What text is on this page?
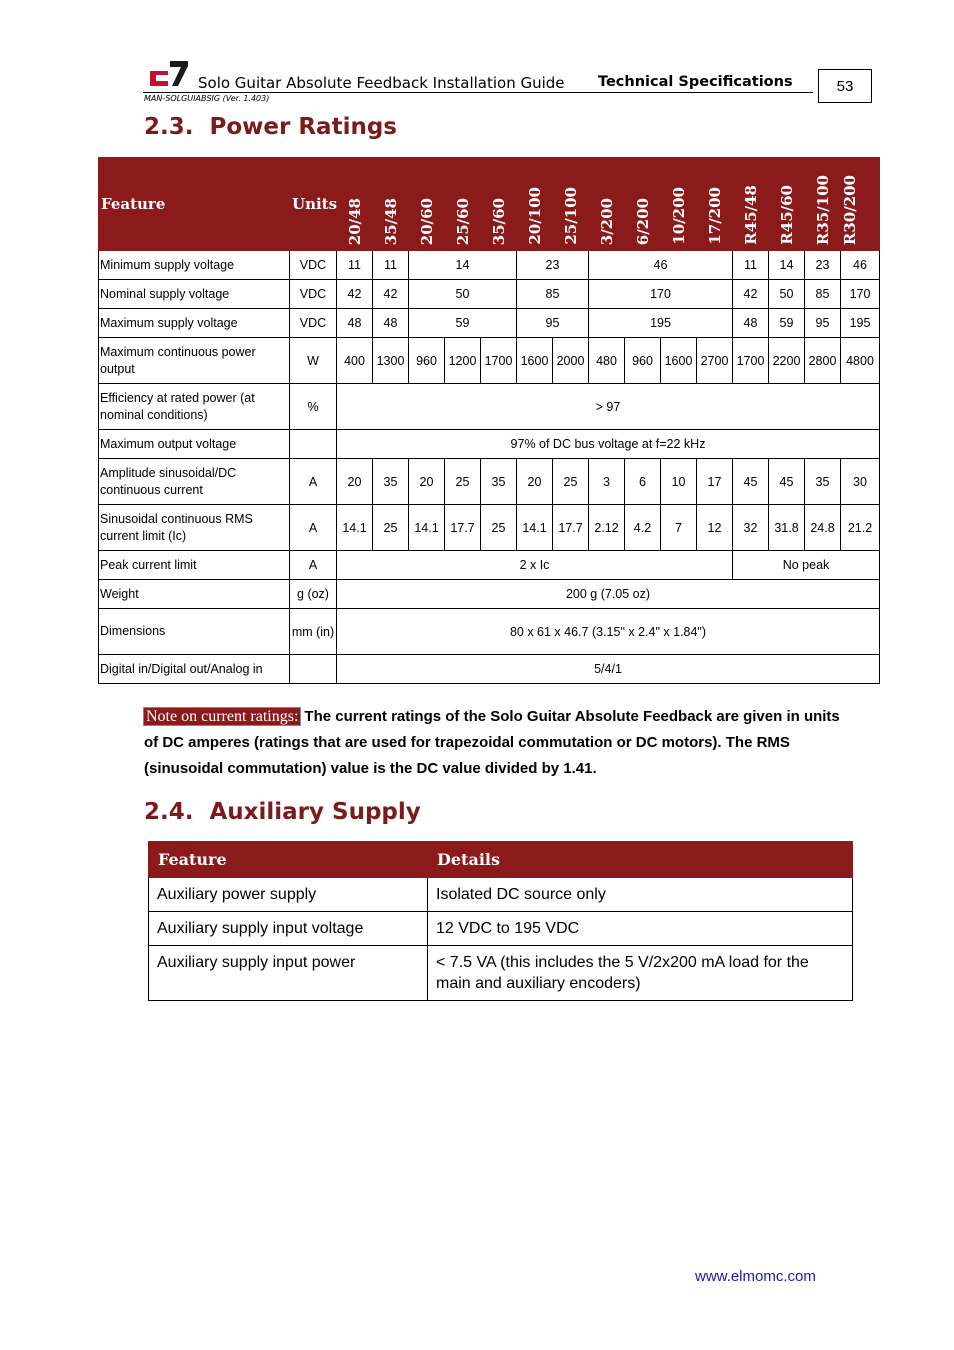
Solo Guitar Absolute Feedback Installation Guide Technical Specifications
MAN-SOLGUIABSIG (Ver. 1.403)
53
2.3. Power Ratings
Feature	Units	20/48	35/48	20/60	25/60	35/60	20/100	25/100	3/200	6/200	10/200	17/200	R45/48	R45/60	R35/100	R30/200	
Minimum supply voltage	VDC	11	11	14			23		46				11	14	23	46	
Nominal supply voltage	VDC	42	42	50			85		170				42	50	85	170	
Maximum supply voltage	VDC	48	48	59			95		195				48	59	95	195	
Maximum continuous power output	W	400	1300	960	1200	1700	1600	2000	480	960	1600	2700	1700	2200	2800	4800	
Efficiency at rated power (at nominal conditions)	%	> 97															
Maximum output voltage		97% of DC bus voltage at f=22 kHz															
Amplitude sinusoidal/DC continuous current	A	20	35	20	25	35	20	25	3	6	10	17	45	45	35	30	
Sinusoidal continuous RMS current limit (Ic)	A	14.1	25	14.1	17.7	25	14.1	17.7	2.12	4.2	7	12	32	31.8	24.8	21.2	
Peak current limit	A	2 x Ic											No peak				
Weight	g (oz)	200 g (7.05 oz)															
Dimensions	mm (in)	80 x 61 x 46.7 (3.15" x 2.4" x 1.84")															
Digital in/Digital out/Analog in		5/4/1															
Note on current ratings: The current ratings of the Solo Guitar Absolute Feedback are given in units of DC amperes (ratings that are used for trapezoidal commutation or DC motors). The RMS (sinusoidal commutation) value is the DC value divided by 1.41.
2.4. Auxiliary Supply
Feature	Details
Auxiliary power supply	Isolated DC source only
Auxiliary supply input voltage	12 VDC to 195 VDC
Auxiliary supply input power	< 7.5 VA (this includes the 5 V/2x200 mA load for the main and auxiliary encoders)
www.elmomc.com
